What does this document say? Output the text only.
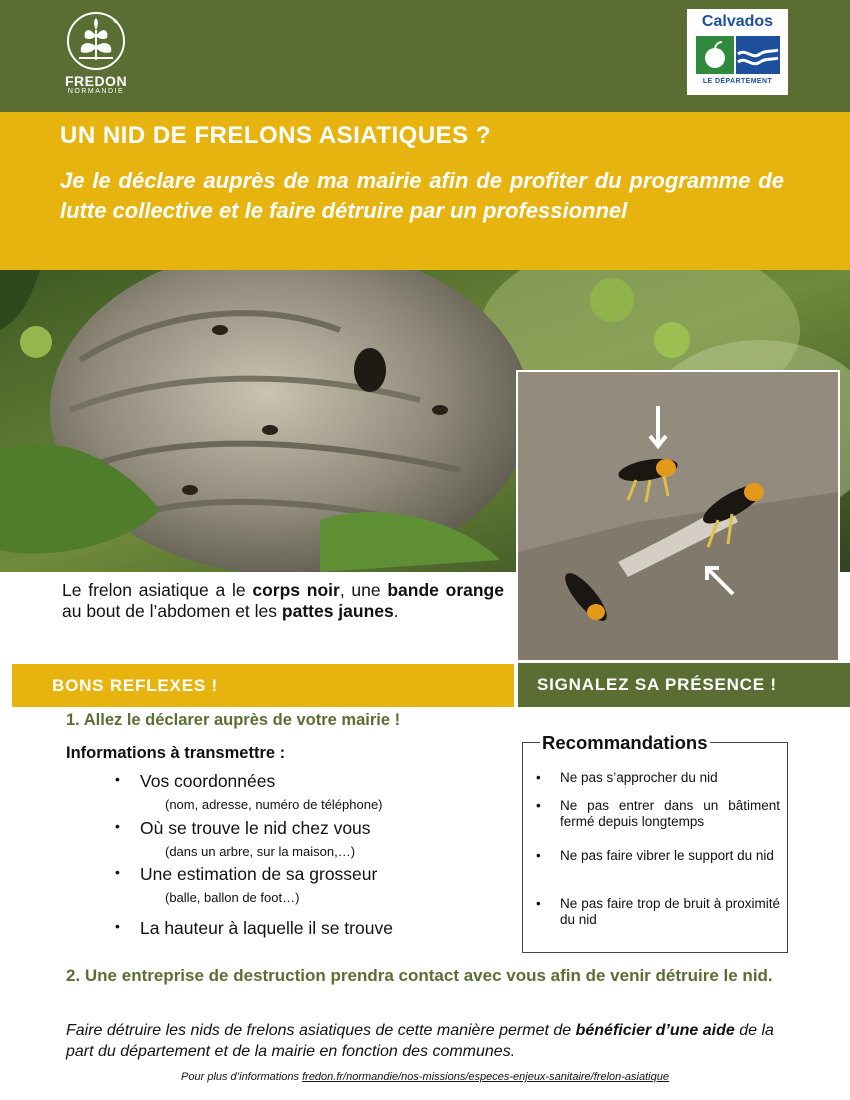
✦
FREDON
NORMANDIE
Calvados
LE DÉPARTEMENT
UN NID DE FRELONS ASIATIQUES ?
Je le déclare auprès de ma mairie afin de profiter du programme de lutte collective et le faire détruire par un professionnel
Le frelon asiatique a le corps noir, une bande orange au bout de l’abdomen et les pattes jaunes.
BONS REFLEXES !	SIGNALEZ SA PRÉSENCE !
1. Allez le déclarer auprès de votre mairie !
Informations à transmettre :
• Vos coordonnées
(nom, adresse, numéro de téléphone)
• Où se trouve le nid chez vous
(dans un arbre, sur la maison,…)
• Une estimation de sa grosseur
(balle, ballon de foot…)
• La hauteur à laquelle il se trouve
Recommandations
• Ne pas s’approcher du nid
• Ne pas entrer dans un bâtiment fermé depuis longtemps
• Ne pas faire vibrer le support du nid
• Ne pas faire trop de bruit à proximité du nid
2. Une entreprise de destruction prendra contact avec vous afin de venir détruire le nid.
Faire détruire les nids de frelons asiatiques de cette manière permet de bénéficier d’une aide de la part du département et de la mairie en fonction des communes.
Pour plus d’informations fredon.fr/normandie/nos-missions/especes-enjeux-sanitaire/frelon-asiatique
